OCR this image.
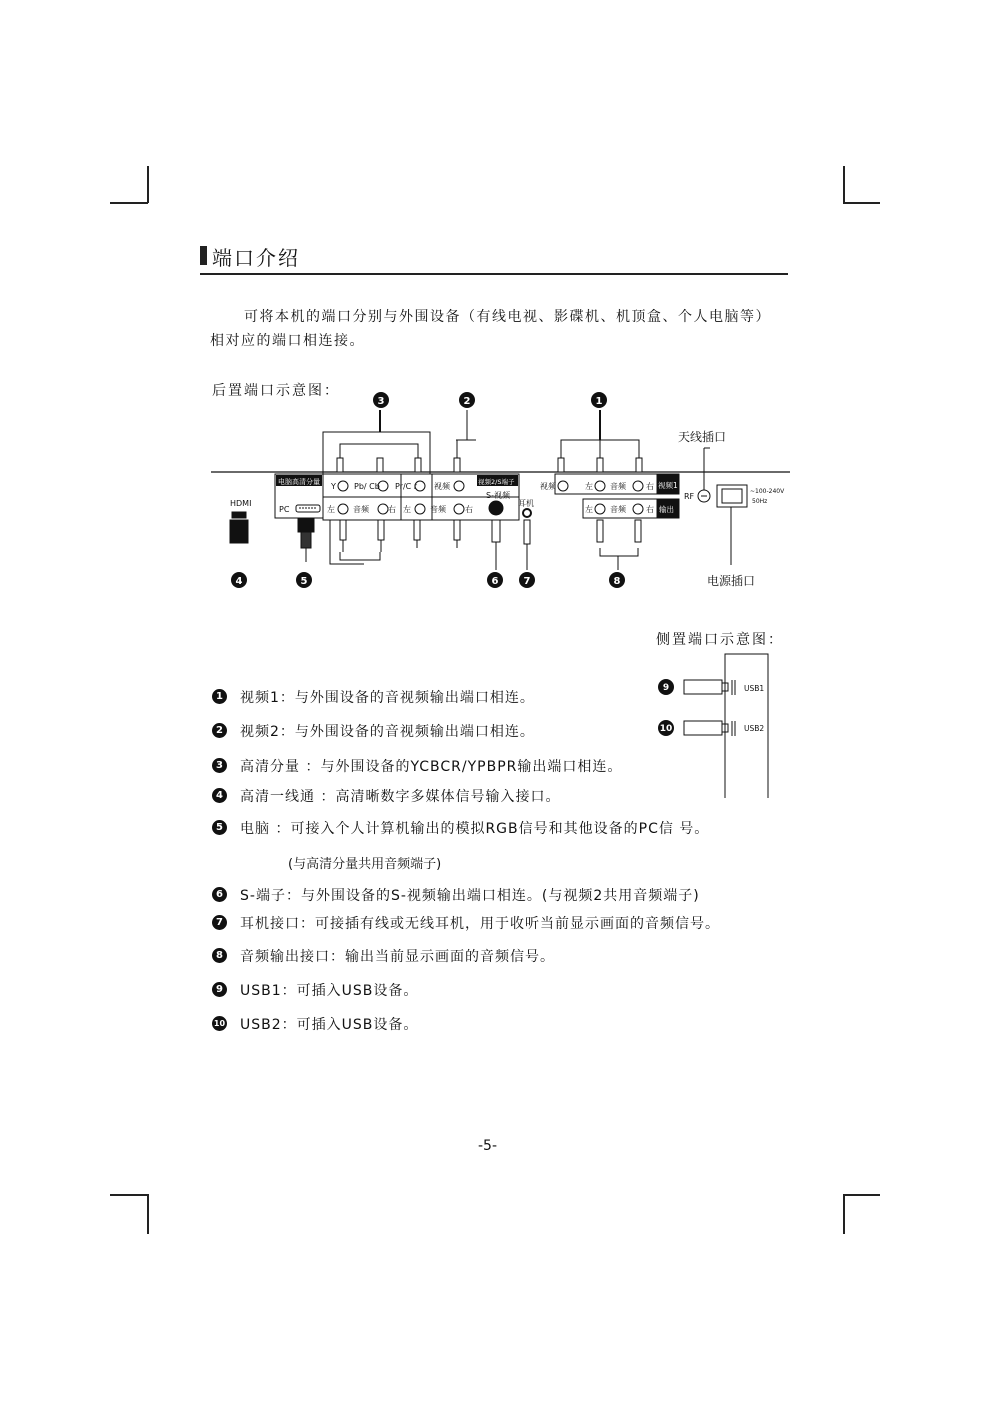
端口介绍
可将本机的端口分别与外围设备（有线电视、影碟机、机顶盒、个人电脑等）
相对应的端口相连接。
后置端口示意图：
侧置端口示意图：
HDMI
PC
Y Pb/ Cb Pr/C r
左 音频 右 左 音频 右
视频
S-视频
耳机
视频	左 音频	右
左 音频	右
RF
电脑高清分量	视频2/S端子	视频1
输出
~100-240V
50Hz
天线插口
电源插口
3	2	1
4	5	6	7	8
USB1
USB2
9
10
1 视频1：与外围设备的音视频输出端口相连。
2 视频2：与外围设备的音视频输出端口相连。
3 高清分量 ：与外围设备的YCBCR/YPBPR输出端口相连。
4 高清一线通 ：高清晰数字多媒体信号输入接口。
5 电脑 ：可接入个人计算机输出的模拟RGB信号和其他设备的PC信 号。
(与高清分量共用音频端子)
6 S-端子：与外围设备的S-视频输出端口相连。(与视频2共用音频端子)
7 耳机接口：可接插有线或无线耳机，用于收听当前显示画面的音频信号。
8 音频输出接口：输出当前显示画面的音频信号。
9 USB1：可插入USB设备。
10 USB2：可插入USB设备。
-5-
